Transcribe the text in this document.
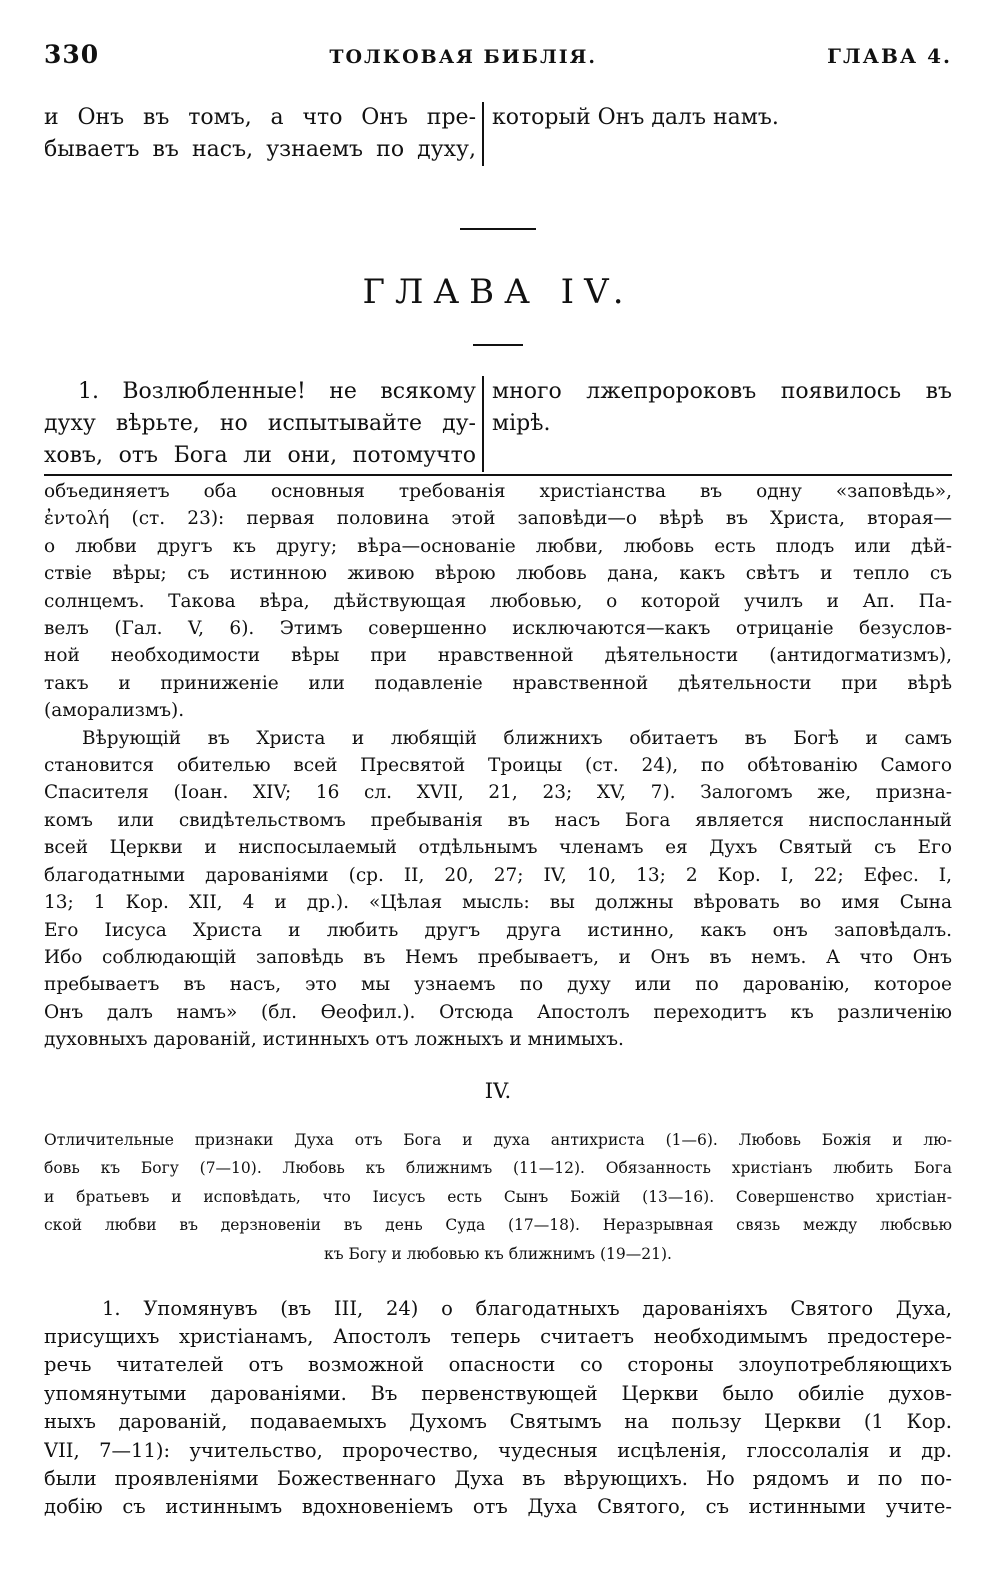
330	ТОЛКОВАЯ БИБЛІЯ.	ГЛАВА 4.
и Онъ въ томъ, а что Онъ пре-
бываетъ въ насъ, узнаемъ по духу,
который Онъ далъ намъ.
ГЛАВА IV.
1. Возлюбленные! не всякому
духу вѣрьте, но испытывайте ду-
ховъ, отъ Бога ли они, потомучто
много лжепророковъ появилось въ
мірѣ.

объединяетъ оба основныя требованія христіанства въ одну «заповѣдь»,
ἐντολή (ст. 23): первая половина этой заповѣди—о вѣрѣ въ Христа, вторая—
о любви другъ къ другу; вѣра—основаніе любви, любовь есть плодъ или дѣй-
ствіе вѣры; съ истинною живою вѣрою любовь дана, какъ свѣтъ и тепло съ
солнцемъ. Такова вѣра, дѣйствующая любовью, о которой училъ и Ап. Па-
велъ (Гал. V, 6). Этимъ совершенно исключаются—какъ отрицаніе безуслов-
ной необходимости вѣры при нравственной дѣятельности (антидогматизмъ),
такъ и приниженіе или подавленіе нравственной дѣятельности при вѣрѣ
(аморализмъ).

Вѣрующій въ Христа и любящій ближнихъ обитаетъ въ Богѣ и самъ
становится обителью всей Пресвятой Троицы (ст. 24), по обѣтованію Самого
Спасителя (Іоан. XIV; 16 сл. XVII, 21, 23; XV, 7). Залогомъ же, призна-
комъ или свидѣтельствомъ пребыванія въ насъ Бога является ниспосланный
всей Церкви и ниспосылаемый отдѣльнымъ членамъ ея Духъ Святый съ Его
благодатными дарованіями (ср. II, 20, 27; IV, 10, 13; 2 Кор. I, 22; Ефес. I,
13; 1 Кор. XII, 4 и др.). «Цѣлая мысль: вы должны вѣровать во имя Сына
Его Іисуса Христа и любить другъ друга истинно, какъ онъ заповѣдалъ.
Ибо соблюдающій заповѣдь въ Немъ пребываетъ, и Онъ въ немъ. А что Онъ
пребываетъ въ насъ, это мы узнаемъ по духу или по дарованію, которое
Онъ далъ намъ» (бл. Ѳеофил.). Отсюда Апостолъ переходитъ къ различенію
духовныхъ дарованій, истинныхъ отъ ложныхъ и мнимыхъ.

IV.
Отличительные признаки Духа отъ Бога и духа антихриста (1—6). Любовь Божія и лю-
бовь къ Богу (7—10). Любовь къ ближнимъ (11—12). Обязанность христіанъ любить Бога
и братьевъ и исповѣдать, что Іисусъ есть Сынъ Божій (13—16). Совершенство христіан-
ской любви въ дерзновеніи въ день Суда (17—18). Неразрывная связь между любсвью
къ Богу и любовью къ ближнимъ (19—21).
1. Упомянувъ (въ III, 24) о благодатныхъ дарованіяхъ Святого Духа,
присущихъ христіанамъ, Апостолъ теперь считаетъ необходимымъ предостере-
речь читателей отъ возможной опасности со стороны злоупотребляющихъ
упомянутыми дарованіями. Въ первенствующей Церкви было обиліе духов-
ныхъ дарованій, подаваемыхъ Духомъ Святымъ на пользу Церкви (1 Кор.
VII, 7—11): учительство, пророчество, чудесныя исцѣленія, глоссолалія и др.
были проявленіями Божественнаго Духа въ вѣрующихъ. Но рядомъ и по по-
добію съ истиннымъ вдохновеніемъ отъ Духа Святого, съ истинными учите-
